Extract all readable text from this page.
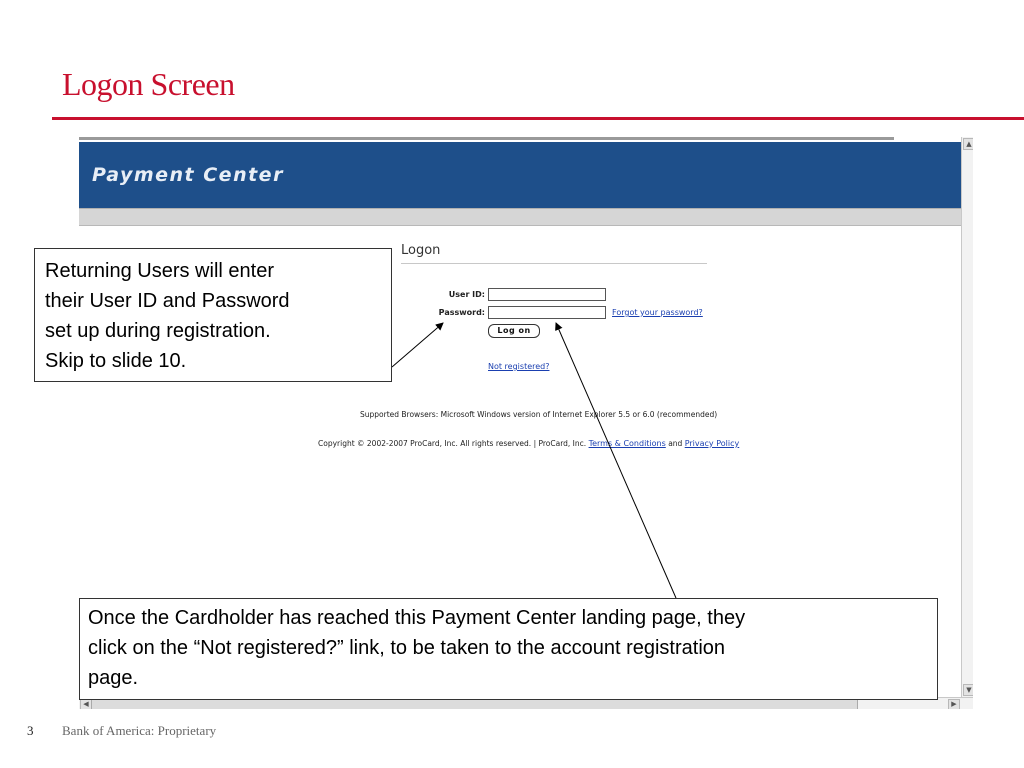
Logon Screen
Payment Center
Logon
User ID:
Password:	Forgot your password?
Log on
Not registered?
Supported Browsers: Microsoft Windows version of Internet Explorer 5.5 or 6.0 (recommended)
Copyright © 2002-2007 ProCard, Inc. All rights reserved. | ProCard, Inc. Terms & Conditions and Privacy Policy
▲
▼
◀	▶
Returning Users will enter
their User ID and Password
set up during registration.
Skip to slide 10.
Once the Cardholder has reached this Payment Center landing page, they
click on the “Not registered?” link, to be taken to the account registration
page.
3 Bank of America: Proprietary
